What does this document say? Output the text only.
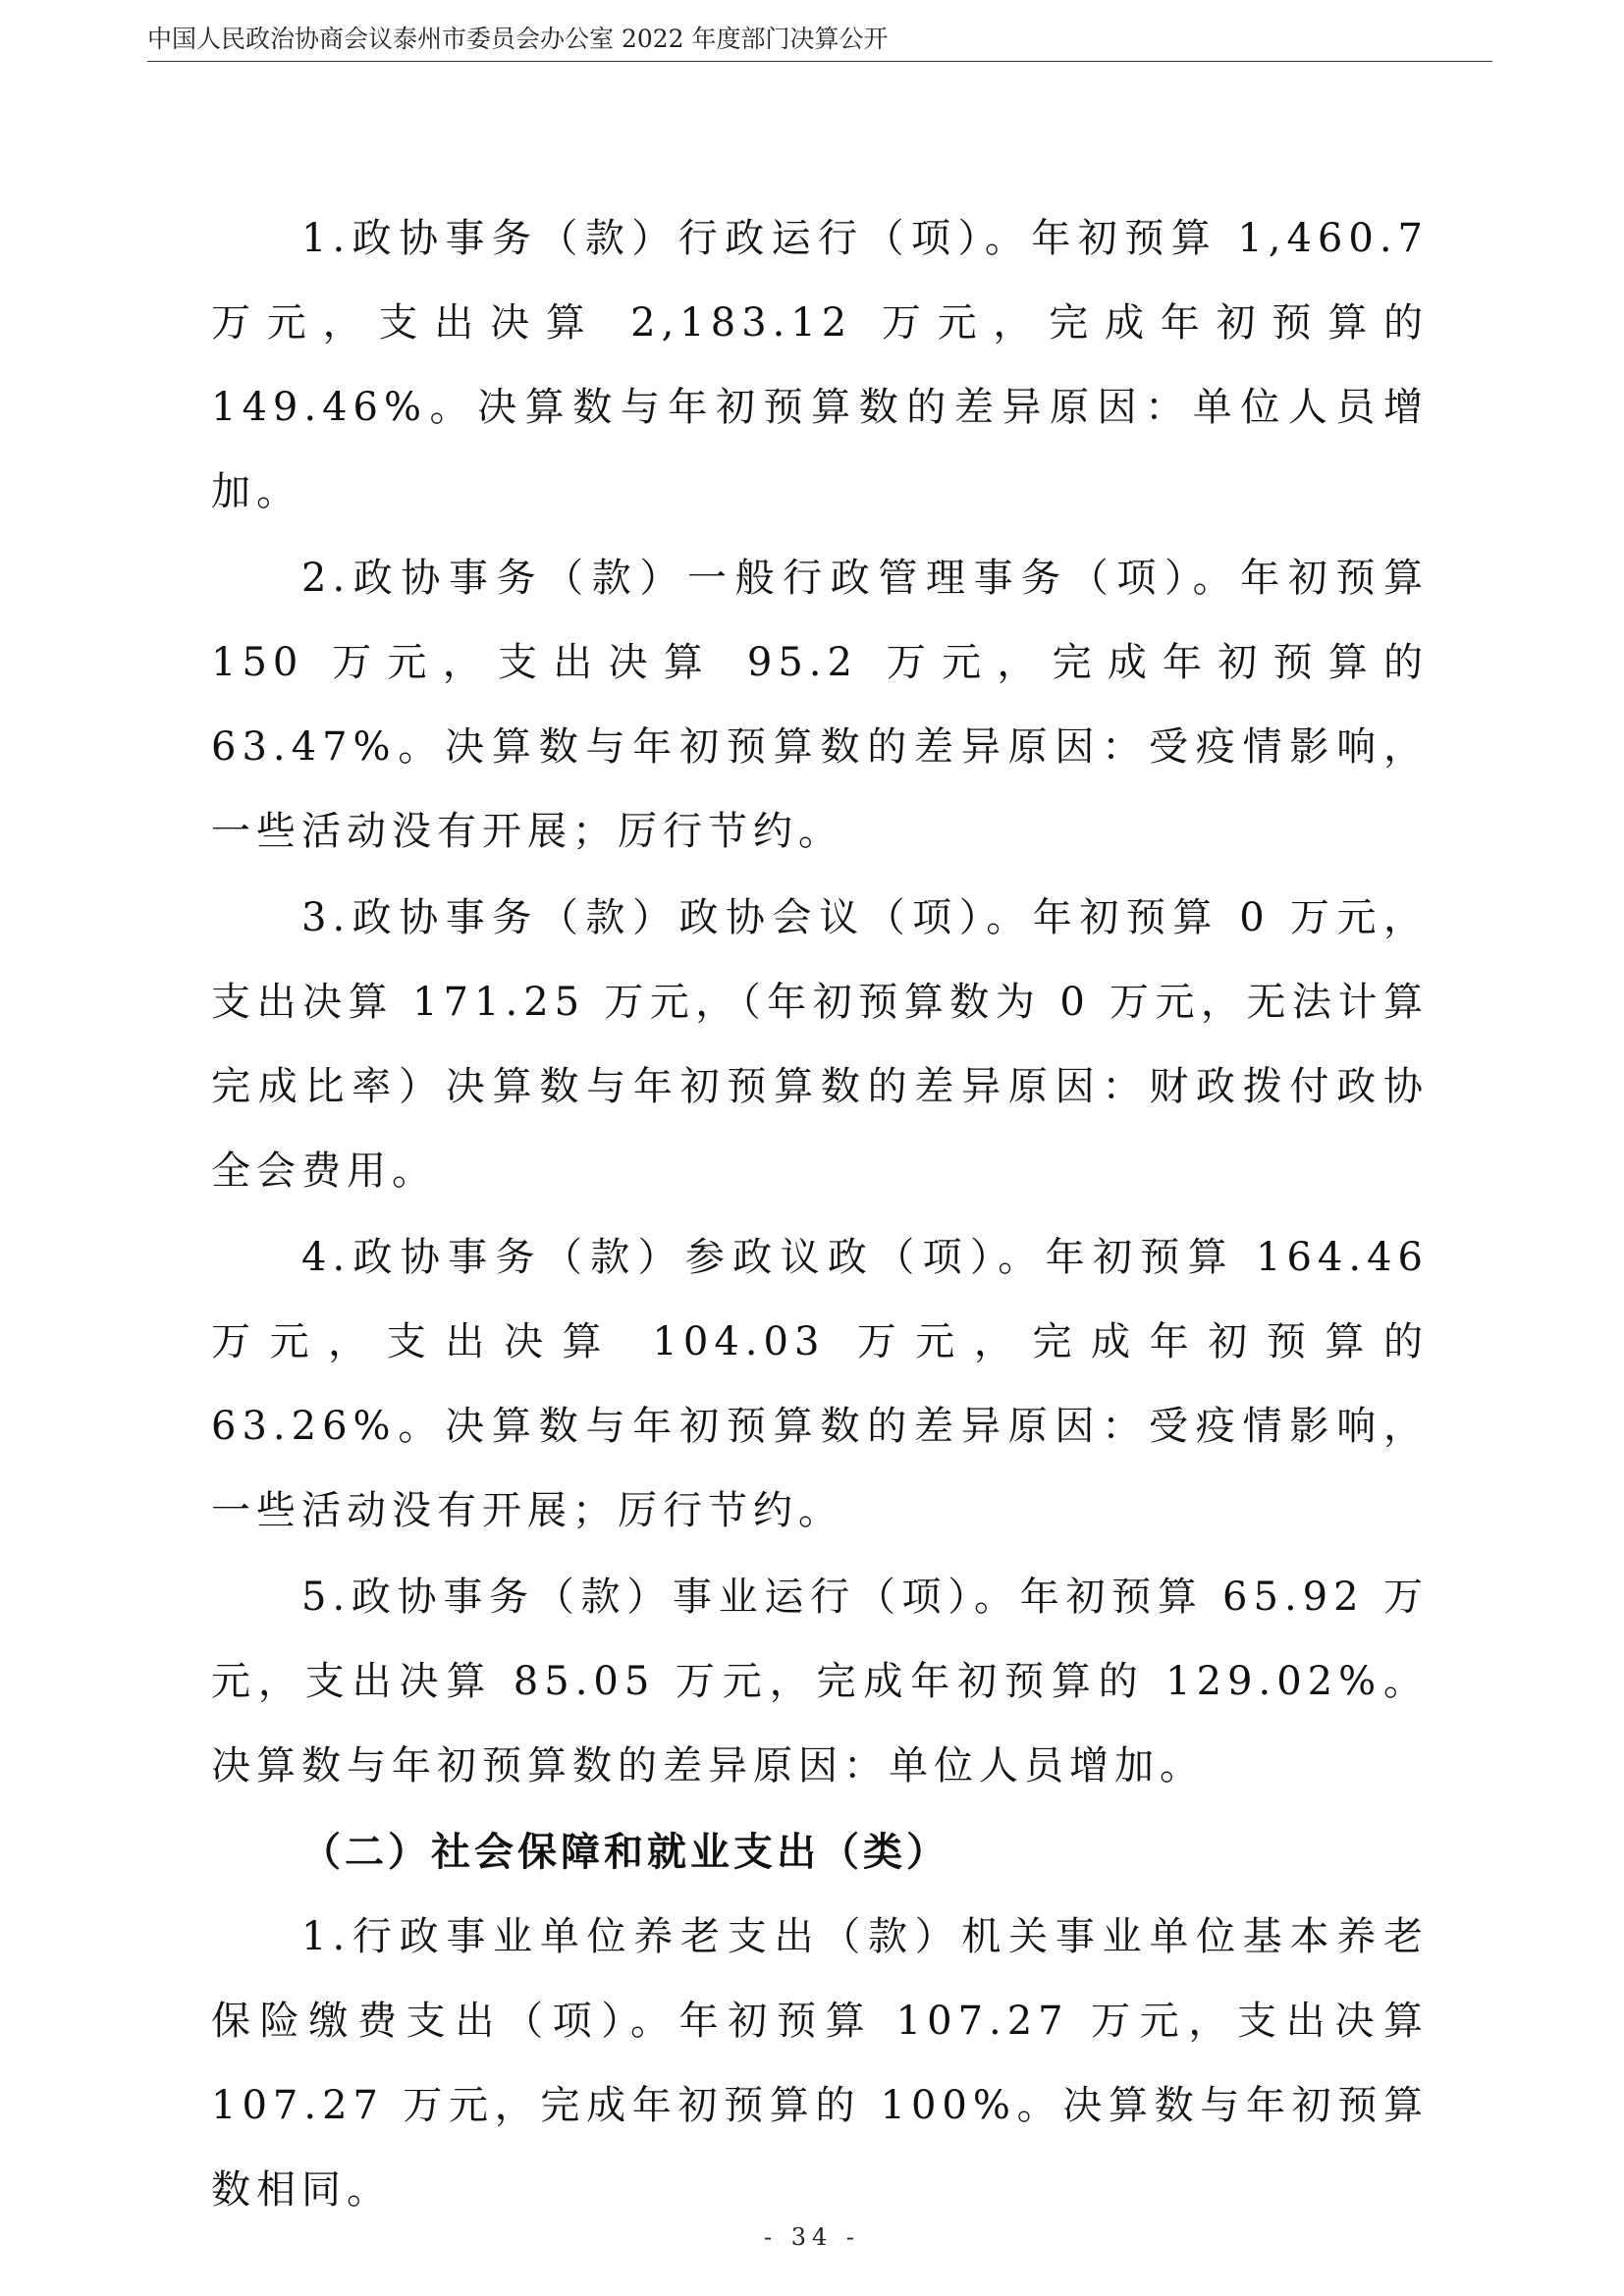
中国人民政治协商会议泰州市委员会办公室 2022 年度部门决算公开

1.政协事务（款）行政运行（项）。年初预算 1,460.7 万元，支出决算 2,183.12 万元，完成年初预算的 149.46%。决算数与年初预算数的差异原因：单位人员增加。

2.政协事务（款）一般行政管理事务（项）。年初预算 150 万元，支出决算 95.2 万元，完成年初预算的 63.47%。决算数与年初预算数的差异原因：受疫情影响，一些活动没有开展；厉行节约。

3.政协事务（款）政协会议（项）。年初预算 0 万元，支出决算 171.25 万元，（年初预算数为 0 万元，无法计算完成比率）决算数与年初预算数的差异原因：财政拨付政协全会费用。

4.政协事务（款）参政议政（项）。年初预算 164.46 万元，支出决算 104.03 万元，完成年初预算的 63.26%。决算数与年初预算数的差异原因：受疫情影响，一些活动没有开展；厉行节约。

5.政协事务（款）事业运行（项）。年初预算 65.92 万元，支出决算 85.05 万元，完成年初预算的 129.02%。决算数与年初预算数的差异原因：单位人员增加。

（二）社会保障和就业支出（类）

1.行政事业单位养老支出（款）机关事业单位基本养老保险缴费支出（项）。年初预算 107.27 万元，支出决算 107.27 万元，完成年初预算的 100%。决算数与年初预算数相同。

- 34 -
